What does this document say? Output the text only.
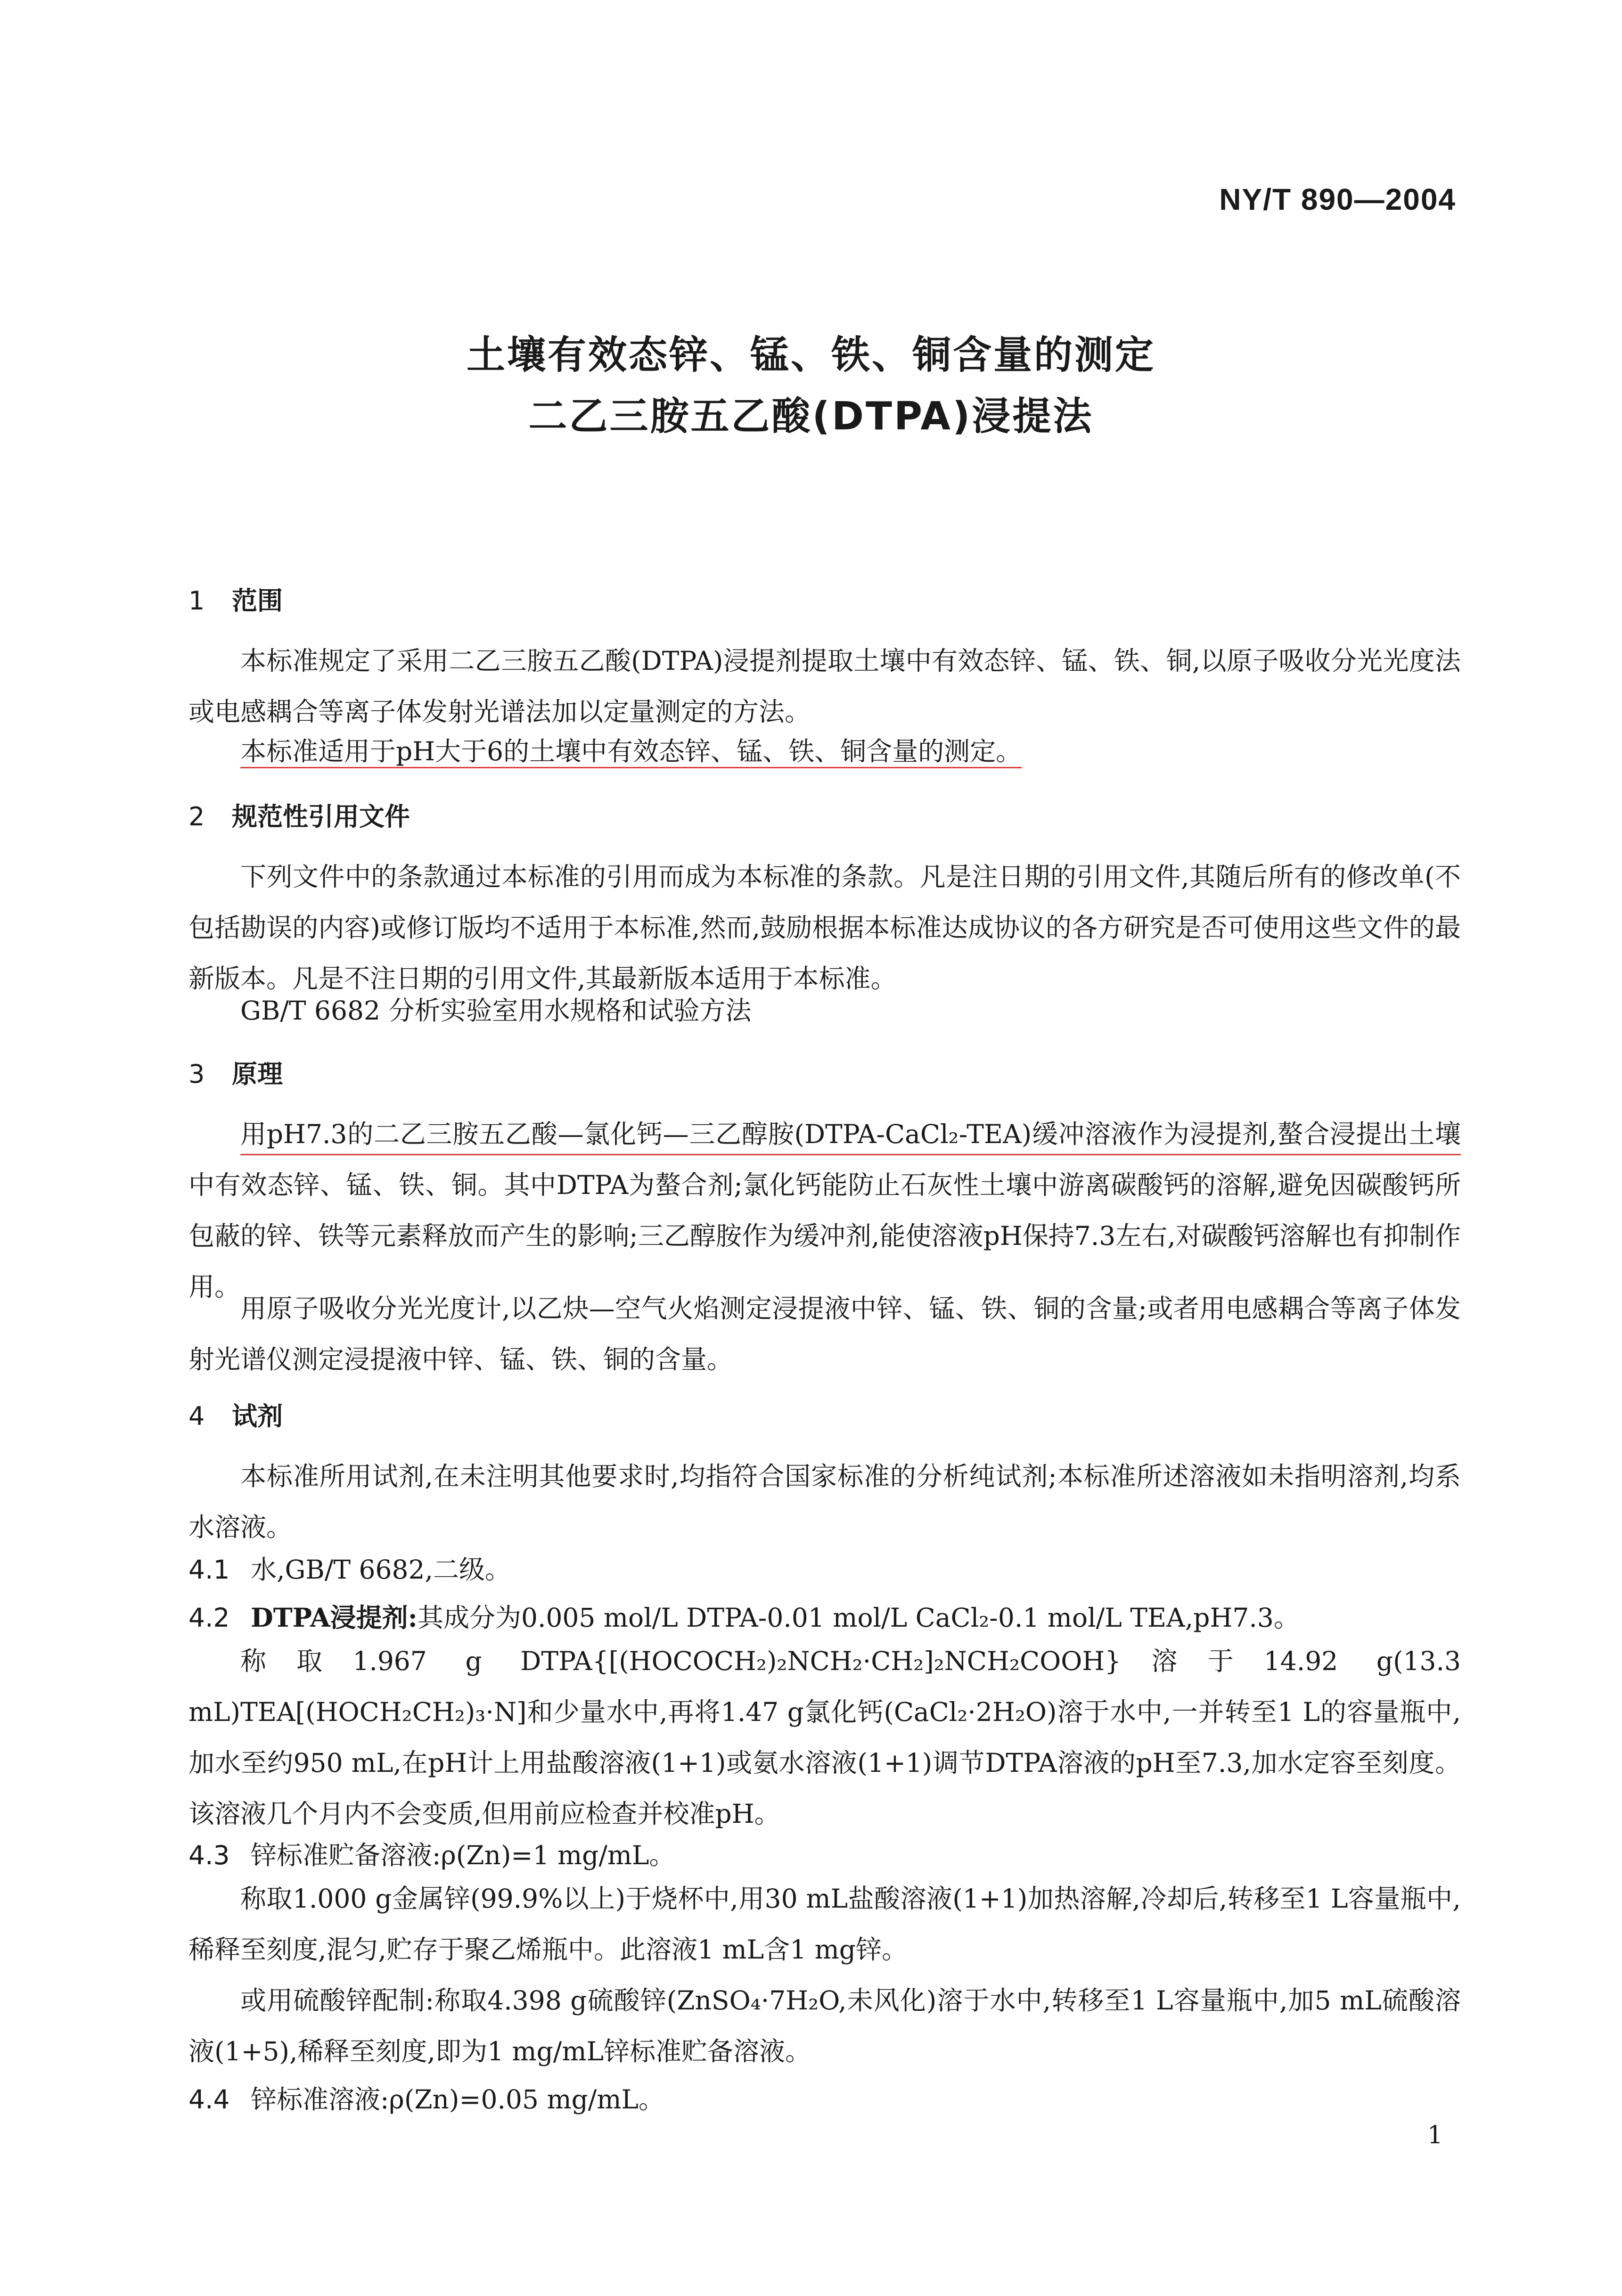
NY/T 890—2004
土壤有效态锌、锰、铁、铜含量的测定
二乙三胺五乙酸(DTPA)浸提法
1 范围
本标准规定了采用二乙三胺五乙酸(DTPA)浸提剂提取土壤中有效态锌、锰、铁、铜,以原子吸收分光光度法或电感耦合等离子体发射光谱法加以定量测定的方法。
本标准适用于pH大于6的土壤中有效态锌、锰、铁、铜含量的测定。
2 规范性引用文件
下列文件中的条款通过本标准的引用而成为本标准的条款。凡是注日期的引用文件,其随后所有的修改单(不包括勘误的内容)或修订版均不适用于本标准,然而,鼓励根据本标准达成协议的各方研究是否可使用这些文件的最新版本。凡是不注日期的引用文件,其最新版本适用于本标准。
GB/T 6682 分析实验室用水规格和试验方法
3 原理
用pH7.3的二乙三胺五乙酸—氯化钙—三乙醇胺(DTPA-CaCl₂-TEA)缓冲溶液作为浸提剂,螯合浸提出土壤中有效态锌、锰、铁、铜。其中DTPA为螯合剂;氯化钙能防止石灰性土壤中游离碳酸钙的溶解,避免因碳酸钙所包蔽的锌、铁等元素释放而产生的影响;三乙醇胺作为缓冲剂,能使溶液pH保持7.3左右,对碳酸钙溶解也有抑制作用。
用原子吸收分光光度计,以乙炔—空气火焰测定浸提液中锌、锰、铁、铜的含量;或者用电感耦合等离子体发射光谱仪测定浸提液中锌、锰、铁、铜的含量。
4 试剂
本标准所用试剂,在未注明其他要求时,均指符合国家标准的分析纯试剂;本标准所述溶液如未指明溶剂,均系水溶液。
4.1 水,GB/T 6682,二级。
4.2 DTPA浸提剂:其成分为0.005 mol/L DTPA-0.01 mol/L CaCl₂-0.1 mol/L TEA,pH7.3。
称取1.967 g DTPA{[(HOCOCH₂)₂NCH₂·CH₂]₂NCH₂COOH}溶于14.92 g(13.3 mL)TEA[(HOCH₂CH₂)₃·N]和少量水中,再将1.47 g氯化钙(CaCl₂·2H₂O)溶于水中,一并转至1 L的容量瓶中,加水至约950 mL,在pH计上用盐酸溶液(1+1)或氨水溶液(1+1)调节DTPA溶液的pH至7.3,加水定容至刻度。该溶液几个月内不会变质,但用前应检查并校准pH。
4.3 锌标准贮备溶液:ρ(Zn)=1 mg/mL。
称取1.000 g金属锌(99.9%以上)于烧杯中,用30 mL盐酸溶液(1+1)加热溶解,冷却后,转移至1 L容量瓶中,稀释至刻度,混匀,贮存于聚乙烯瓶中。此溶液1 mL含1 mg锌。
或用硫酸锌配制:称取4.398 g硫酸锌(ZnSO₄·7H₂O,未风化)溶于水中,转移至1 L容量瓶中,加5 mL硫酸溶液(1+5),稀释至刻度,即为1 mg/mL锌标准贮备溶液。
4.4 锌标准溶液:ρ(Zn)=0.05 mg/mL。
1
